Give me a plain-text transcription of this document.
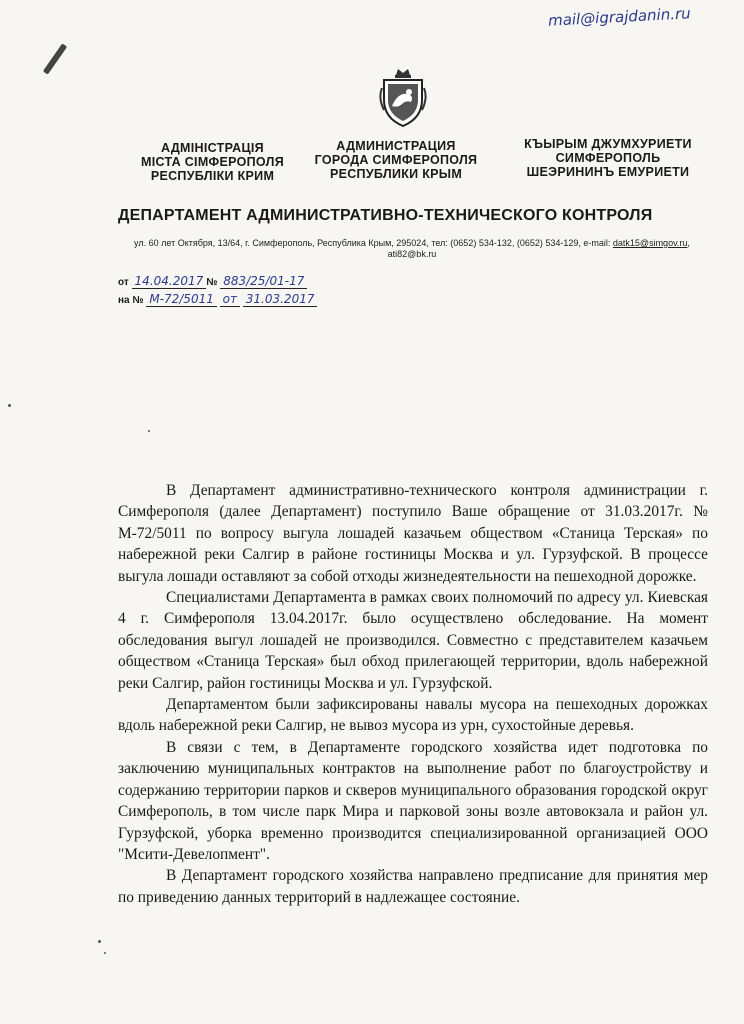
mail@igrajdanin.ru
АДМІНІСТРАЦІЯ
МІСТА СІМФЕРОПОЛЯ
РЕСПУБЛІКИ КРИМ
АДМИНИСТРАЦИЯ
ГОРОДА СИМФЕРОПОЛЯ
РЕСПУБЛИКИ КРЫМ
КЪЫРЫМ ДЖУМХУРИЕТИ
СИМФЕРОПОЛЬ
ШЕЭРИНИНЪ ЕМУРИЕТИ
ДЕПАРТАМЕНТ АДМИНИСТРАТИВНО-ТЕХНИЧЕСКОГО КОНТРОЛЯ
ул. 60 лет Октября, 13/64, г. Симферополь, Республика Крым, 295024, тел: (0652) 534-132, (0652) 534-129, e-mail: datk15@simgov.ru,
ati82@bk.ru
от 14.04.2017 № 883/25/01-17
на № М-72/5011 от 31.03.2017

В Департамент административно-технического контроля администрации г. Симферополя (далее Департамент) поступило Ваше обращение от 31.03.2017г. № М-72/5011 по вопросу выгула лошадей казачьем обществом «Станица Терская» по набережной реки Салгир в районе гостиницы Москва и ул. Гурзуфской. В процессе выгула лошади оставляют за собой отходы жизнедеятельности на пешеходной дорожке.

Специалистами Департамента в рамках своих полномочий по адресу ул. Киевская 4 г. Симферополя 13.04.2017г. было осуществлено обследование. На момент обследования выгул лошадей не производился. Совместно с представителем казачьем обществом «Станица Терская» был обход прилегающей территории, вдоль набережной реки Салгир, район гостиницы Москва и ул. Гурзуфской.

Департаментом были зафиксированы навалы мусора на пешеходных дорожках вдоль набережной реки Салгир, не вывоз мусора из урн, сухостойные деревья.

В связи с тем, в Департаменте городского хозяйства идет подготовка по заключению муниципальных контрактов на выполнение работ по благоустройству и содержанию территории парков и скверов муниципального образования городской округ Симферополь, в том числе парк Мира и парковой зоны возле автовокзала и район ул. Гурзуфской, уборка временно производится специализированной организацией ООО "Мсити-Девелопмент".

В Департамент городского хозяйства направлено предписание для принятия мер по приведению данных территорий в надлежащее состояние.
